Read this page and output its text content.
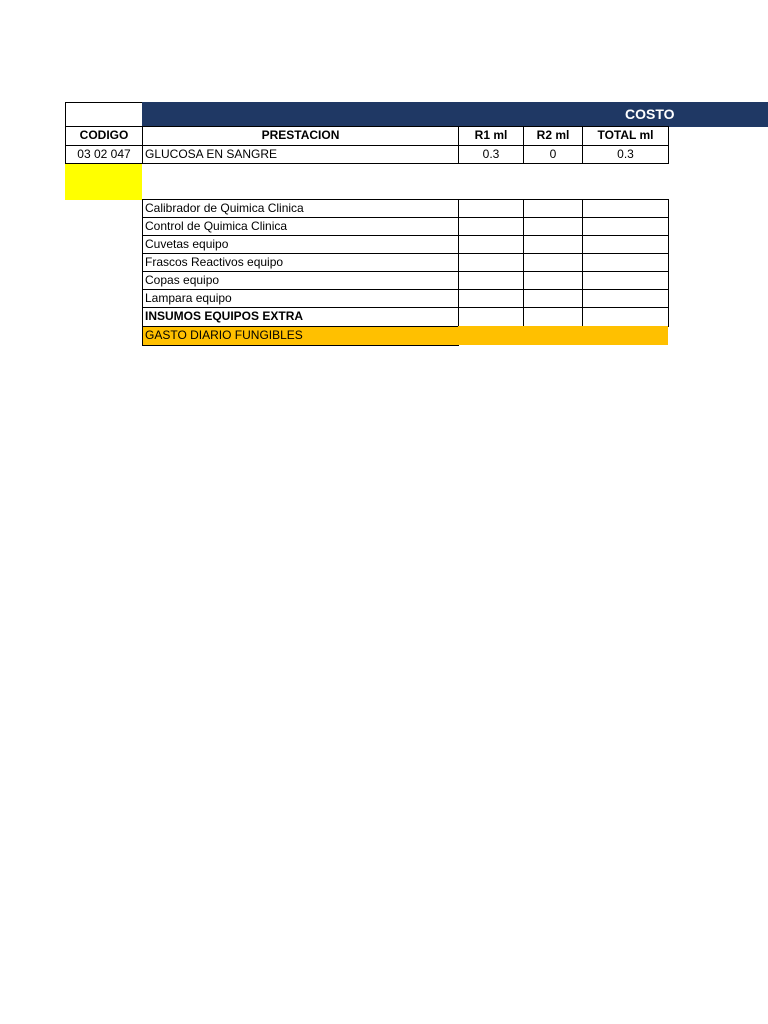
COSTO
CODIGO	PRESTACION	R1 ml	R2 ml	TOTAL ml
03 02 047	GLUCOSA EN SANGRE	0.3	0	0.3
Calibrador de Quimica Clinica
Control de Quimica Clinica
Cuvetas equipo
Frascos Reactivos equipo
Copas equipo
Lampara equipo
INSUMOS EQUIPOS EXTRA
GASTO DIARIO FUNGIBLES
